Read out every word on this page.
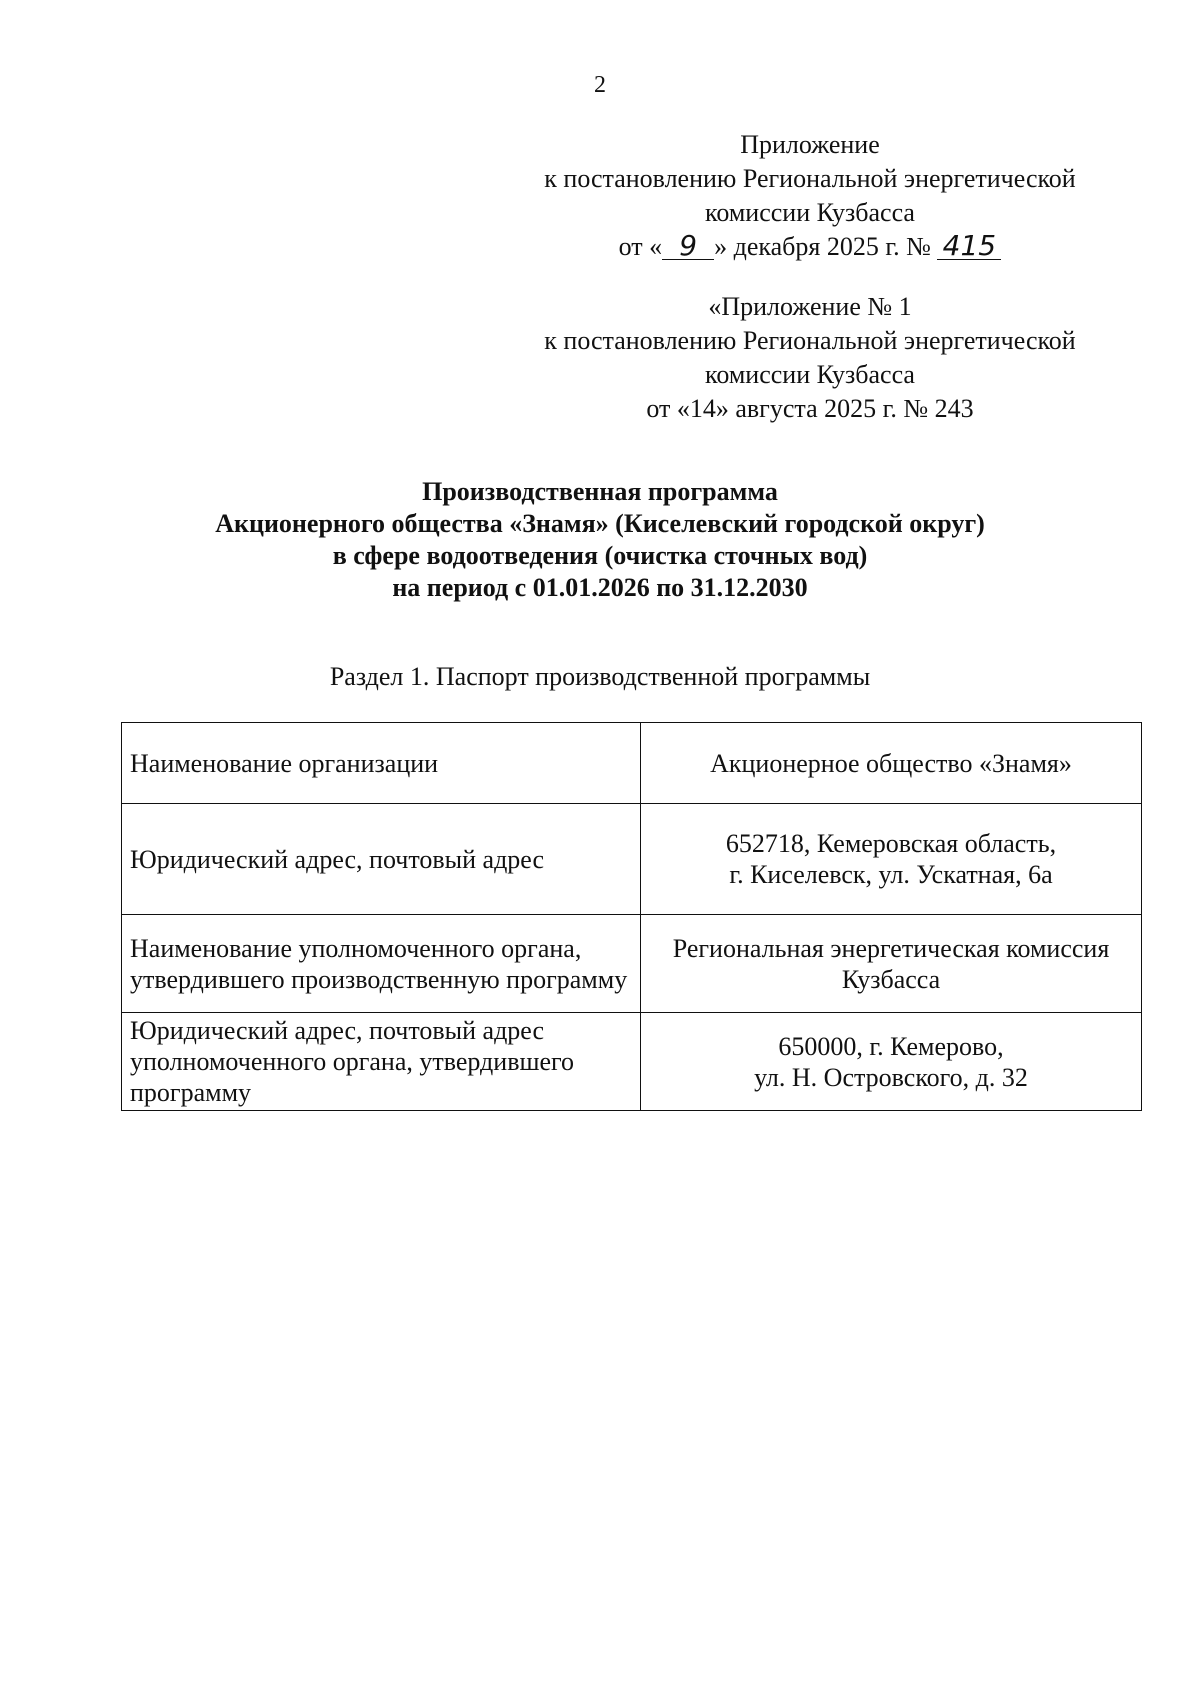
2
Приложение
к постановлению Региональной энергетической
комиссии Кузбасса
от « 9 » декабря 2025 г. № 415
«Приложение № 1
к постановлению Региональной энергетической
комиссии Кузбасса
от «14» августа 2025 г. № 243
Производственная программа
Акционерного общества «Знамя» (Киселевский городской округ)
в сфере водоотведения (очистка сточных вод)
на период с 01.01.2026 по 31.12.2030
Раздел 1. Паспорт производственной программы
Наименование организации	Акционерное общество «Знамя»

Юридический адрес, почтовый адрес	652718, Кемеровская область,
г. Киселевск, ул. Ускатная, 6а

Наименование уполномоченного органа, утвердившего производственную программу	Региональная энергетическая комиссия
Кузбасса

Юридический адрес, почтовый адрес уполномоченного органа, утвердившего программу	650000, г. Кемерово,
ул. Н. Островского, д. 32
